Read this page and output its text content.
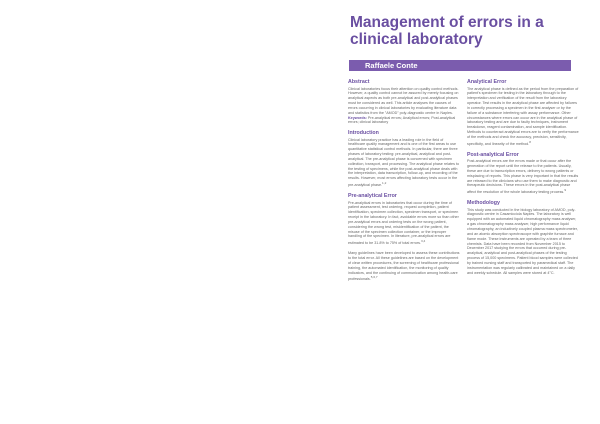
Management of errors in a clinical laboratory
Raffaele Conte
Abstract

Clinical laboratories focus their attention on quality control methods. However, a quality control cannot be assured by merely focusing on analytical aspects as both pre-analytical and post-analytical phases must be considered as well. This article analyses the causes of errors occurring in clinical laboratories by evaluating literature data and statistics from the "AMOD" poly-diagnostic centre in Naples.
Keywords: Pre-analytical errors; Analytical errors; Post-analytical errors; clinical laboratory

Introduction

Clinical laboratory practice has a leading role in the field of healthcare quality management and is one of the first areas to use quantitative statistical control methods. In particular, there are three phases of laboratory testing: pre-analytical, analytical and post-analytical. The pre-analytical phase is concerned with specimen collection, transport, and processing. The analytical phase relates to the testing of specimens, while the post-analytical phase deals with the interpretation, data transcription, follow-up, and recording of the results. However, most errors affecting laboratory tests occur in the pre-analytical phase.$^{1,2}$

Pre-analytical Error

Pre-analytical errors in laboratories that occur during the time of patient assessment, test ordering, request completion, patient identification, specimen collection, specimen transport, or specimen receipt in the laboratory. In fact, avoidable errors more so than other pre-analytical errors and ordering tests on the wrong patient, considering the wrong test, misidentification of the patient, the misuse of the specimen collection container, or the improper handling of the specimen. In literature, pre-analytical errors are estimated to be 31.8% to 75% of total errors.$^{3,4}$

Many guidelines have been developed to assess these contributions to the total error. All these guidelines are based on the development of clear written procedures, the screening of healthcare professional training, the automated identification, the monitoring of quality indicators, and the continuing of communication among health-care professionals.$^{5,6,7}$

Analytical Error

The analytical phase is defined as the period from the preparation of patient's specimen for testing in the laboratory through to the interpretation and verification of the result from the laboratory operator. Test results in the analytical phase are affected by failures in correctly processing a specimen in the first analyser or by the failure of a substance interfering with assay performance. Other circumstances where errors can occur are in the analytical phase of laboratory testing and are due to faulty techniques, instrument breakdown, reagent contamination, and sample identification. Methods to counteract analytical errors are to verify the performance of the methods and check the accuracy, precision, sensitivity, specificity, and linearity of the method.$^8$

Post-analytical Error

Post-analytical errors are the errors made or that occur after the generation of the report until the release to the patients. Usually, these are due to transcription errors, delivery to wrong patients or misplacing of reports. This phase is very important in that the results are released to the clinicians who use them to make diagnostic and therapeutic decisions. These errors in the post-analytical phase affect the resolution of the whole laboratory testing process.$^9$

Methodology

This study was conducted in the biology laboratory of AMOD, poly-diagnostic centre in Casamicciola Naples. The laboratory is well equipped with an automated liquid chromatography mass analyser, a gas chromatography mass analyser, high performance liquid chromatography, an inductively coupled plasma mass spectrometer, and an atomic absorption spectroscope with graphite furnace and flame mode. These instruments are operated by a team of three chemists. Data have been recorded from November 2015 to December 2017 studying the errors that occurred during pre-analytical, analytical and post-analytical phases of the testing process of 15,000 specimens. Patient blood samples were collected by trained nursing staff and transported by paramedical staff. The instrumentation was regularly calibrated and maintained on a daily and weekly schedule. All samples were stored at 4°C.
